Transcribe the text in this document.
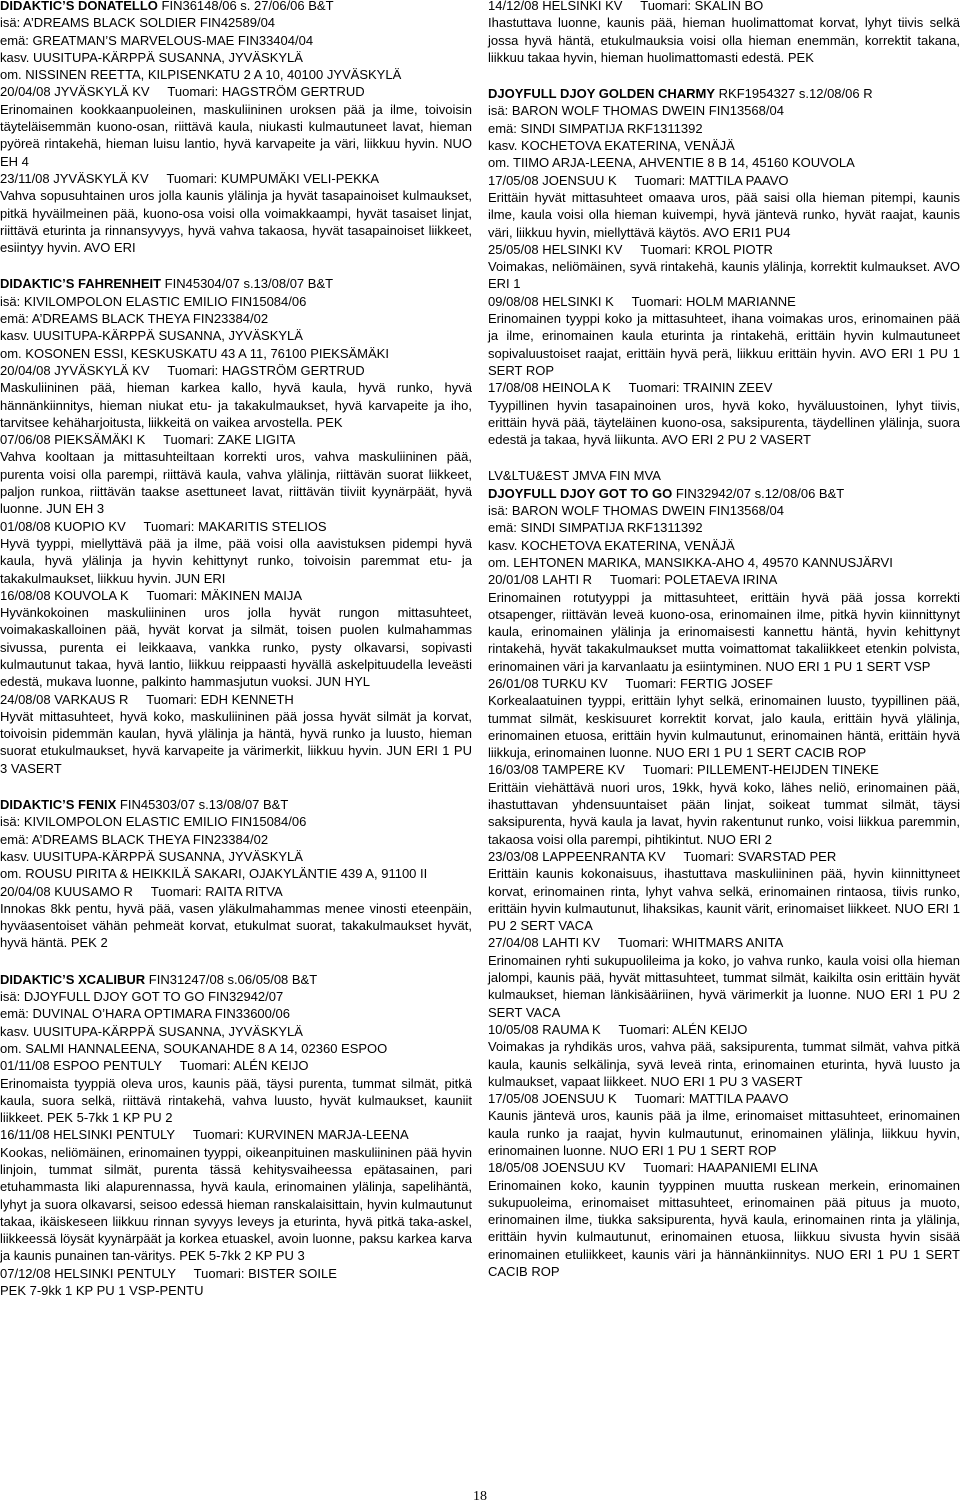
DIDAKTIC’S DONATELLO FIN36148/06 s. 27/06/06 B&T

isä: A’DREAMS BLACK SOLDIER FIN42589/04

emä: GREATMAN’S MARVELOUS-MAE FIN33404/04

kasv. UUSITUPA-KÄRPPÄ SUSANNA, JYVÄSKYLÄ

om. NISSINEN REETTA, KILPISENKATU 2 A 10, 40100 JYVÄSKYLÄ

20/04/08 JYVÄSKYLÄ KV     Tuomari: HAGSTRÖM GERTRUD

Erinomainen kookkaanpuoleinen, maskuliininen uroksen pää ja ilme, toivoisin täyteläisemmän kuono-osan, riittävä kaula, niukasti kulmautuneet lavat, hieman pyöreä rintakehä, hieman luisu lantio, hyvä karvapeite ja väri, liikkuu hyvin. NUO EH 4

23/11/08 JYVÄSKYLÄ KV     Tuomari: KUMPUMÄKI VELI-PEKKA

Vahva sopusuhtainen uros jolla kaunis ylälinja ja hyvät tasapainoiset kulmaukset, pitkä hyväilmeinen pää, kuono-osa voisi olla voimakkaampi, hyvät tasaiset linjat, riittävä eturinta ja rinnansyvyys, hyvä vahva takaosa, hyvät tasapainoiset liikkeet, esiintyy hyvin. AVO ERI

DIDAKTIC’S FAHRENHEIT FIN45304/07 s.13/08/07 B&T

isä: KIVILOMPOLON ELASTIC EMILIO FIN15084/06

emä: A’DREAMS BLACK THEYA FIN23384/02

kasv. UUSITUPA-KÄRPPÄ SUSANNA, JYVÄSKYLÄ

om. KOSONEN ESSI, KESKUSKATU 43 A 11, 76100 PIEKSÄMÄKI

20/04/08 JYVÄSKYLÄ KV     Tuomari: HAGSTRÖM GERTRUD

Maskuliininen pää, hieman karkea kallo, hyvä kaula, hyvä runko, hyvä hännänkiinnitys, hieman niukat etu- ja takakulmaukset, hyvä karvapeite ja iho, tarvitsee kehäharjoitusta, liikkeitä on vaikea arvostella. PEK

07/06/08 PIEKSÄMÄKI K     Tuomari: ZAKE LIGITA

Vahva kooltaan ja mittasuhteiltaan korrekti uros, vahva maskuliininen pää, purenta voisi olla parempi, riittävä kaula, vahva ylälinja, riittävän suorat liikkeet, paljon runkoa, riittävän taakse asettuneet lavat, riittävän tiiviit kyynärpäät, hyvä luonne. JUN EH 3

01/08/08 KUOPIO KV     Tuomari: MAKARITIS STELIOS

Hyvä tyyppi, miellyttävä pää ja ilme, pää voisi olla aavistuksen pidempi hyvä kaula, hyvä ylälinja ja hyvin kehittynyt runko, toivoisin paremmat etu- ja takakulmaukset, liikkuu hyvin. JUN ERI

16/08/08 KOUVOLA K     Tuomari: MÄKINEN MAIJA

Hyvänkokoinen maskuliininen uros jolla hyvät rungon mittasuhteet, voimakaskalloinen pää, hyvät korvat ja silmät, toisen puolen kulmahammas sivussa, purenta ei leikkaava, vankka runko, pysty olkavarsi, sopivasti kulmautunut takaa, hyvä lantio, liikkuu reippaasti hyvällä askelpituudella leveästi edestä, mukava luonne, palkinto hammasjutun vuoksi. JUN HYL

24/08/08 VARKAUS R     Tuomari: EDH KENNETH

Hyvät mittasuhteet, hyvä koko, maskuliininen pää jossa hyvät silmät ja korvat, toivoisin pidemmän kaulan, hyvä ylälinja ja häntä, hyvä runko ja luusto, hieman suorat etukulmaukset, hyvä karvapeite ja värimerkit, liikkuu hyvin. JUN ERI 1 PU 3 VASERT

DIDAKTIC’S FENIX FIN45303/07 s.13/08/07 B&T

isä: KIVILOMPOLON ELASTIC EMILIO FIN15084/06

emä: A’DREAMS BLACK THEYA FIN23384/02

kasv. UUSITUPA-KÄRPPÄ SUSANNA, JYVÄSKYLÄ

om. ROUSU PIRITA & HEIKKILÄ SAKARI, OJAKYLÄNTIE 439 A, 91100 II

20/04/08 KUUSAMO R     Tuomari: RAITA RITVA

Innokas 8kk pentu, hyvä pää, vasen yläkulmahammas menee vinosti eteenpäin, hyväasentoiset vähän pehmeät korvat, etukulmat suorat, takakulmaukset hyvät, hyvä häntä. PEK 2

DIDAKTIC’S XCALIBUR FIN31247/08 s.06/05/08 B&T

isä: DJOYFULL DJOY GOT TO GO FIN32942/07

emä: DUVINAL O’HARA OPTIMARA FIN33600/06

kasv. UUSITUPA-KÄRPPÄ SUSANNA, JYVÄSKYLÄ

om. SALMI HANNALEENA, SOUKANAHDE 8 A 14, 02360 ESPOO

01/11/08 ESPOO PENTULY     Tuomari: ALÉN KEIJO

Erinomaista tyyppiä oleva uros, kaunis pää, täysi purenta, tummat silmät, pitkä kaula, suora selkä, riittävä rintakehä, vahva luusto, hyvät kulmaukset, kauniit liikkeet. PEK 5-7kk 1 KP PU 2

16/11/08 HELSINKI PENTULY     Tuomari: KURVINEN MARJA-LEENA

Kookas, neliömäinen, erinomainen tyyppi, oikeanpituinen maskuliininen pää hyvin linjoin, tummat silmät, purenta tässä kehitysvaiheessa epätasainen, pari etuhammasta liki alapurennassa, hyvä kaula, erinomainen ylälinja, sapelihäntä, lyhyt ja suora olkavarsi, seisoo edessä hieman ranskalaisittain, hyvin kulmautunut takaa, ikäiskeseen liikkuu rinnan syvyys leveys ja eturinta, hyvä pitkä taka-askel, liikkeessä löysät kyynärpäät ja korkea etuaskel, avoin luonne, paksu karkea karva ja kaunis punainen tan-väritys. PEK 5-7kk 2 KP PU 3

07/12/08 HELSINKI PENTULY     Tuomari: BISTER SOILE

PEK 7-9kk 1 KP PU 1 VSP-PENTU

14/12/08 HELSINKI KV     Tuomari: SKALIN BO

Ihastuttava luonne, kaunis pää, hieman huolimattomat korvat, lyhyt tiivis selkä jossa hyvä häntä, etukulmauksia voisi olla hieman enemmän, korrektit takana, liikkuu takaa hyvin, hieman huolimattomasti edestä. PEK

DJOYFULL DJOY GOLDEN CHARMY RKF1954327 s.12/08/06 R

isä: BARON WOLF THOMAS DWEIN FIN13568/04

emä: SINDI SIMPATIJA RKF1311392

kasv. KOCHETOVA EKATERINA, VENÄJÄ

om. TIIMO ARJA-LEENA, AHVENTIE 8 B 14, 45160 KOUVOLA

17/05/08 JOENSUU K     Tuomari: MATTILA PAAVO

Erittäin hyvät mittasuhteet omaava uros, pää saisi olla hieman pitempi, kaunis ilme, kaula voisi olla hieman kuivempi, hyvä jäntevä runko, hyvät raajat, kaunis väri, liikkuu hyvin, miellyttävä käytös. AVO ERI1 PU4

25/05/08 HELSINKI KV     Tuomari: KROL PIOTR

Voimakas, neliömäinen, syvä rintakehä, kaunis ylälinja, korrektit kulmaukset. AVO ERI 1

09/08/08 HELSINKI K     Tuomari: HOLM MARIANNE

Erinomainen tyyppi koko ja mittasuhteet, ihana voimakas uros, erinomainen pää ja ilme, erinomainen kaula eturinta ja rintakehä, erittäin hyvin kulmautuneet sopivaluustoiset raajat, erittäin hyvä perä, liikkuu erittäin hyvin. AVO ERI 1 PU 1 SERT ROP

17/08/08 HEINOLA K     Tuomari: TRAININ ZEEV

Tyypillinen hyvin tasapainoinen uros, hyvä koko, hyväluustoinen, lyhyt tiivis, erittäin hyvä pää, täyteläinen kuono-osa, saksipurenta, täydellinen ylälinja, suora edestä ja takaa, hyvä liikunta. AVO ERI 2 PU 2 VASERT

LV&LTU&EST JMVA FIN MVA

DJOYFULL DJOY GOT TO GO FIN32942/07 s.12/08/06 B&T

isä: BARON WOLF THOMAS DWEIN FIN13568/04

emä: SINDI SIMPATIJA RKF1311392

kasv. KOCHETOVA EKATERINA, VENÄJÄ

om. LEHTONEN MARIKA, MANSIKKA-AHO 4, 49570 KANNUSJÄRVI

20/01/08 LAHTI R     Tuomari: POLETAEVA IRINA

Erinomainen rotutyyppi ja mittasuhteet, erittäin hyvä pää jossa korrekti otsapenger, riittävän leveä kuono-osa, erinomainen ilme, pitkä hyvin kiinnittynyt kaula, erinomainen ylälinja ja erinomaisesti kannettu häntä, hyvin kehittynyt rintakehä, hyvät takakulmaukset mutta voimattomat takaliikkeet etenkin polvista, erinomainen väri ja karvanlaatu ja esiintyminen. NUO ERI 1 PU 1 SERT VSP

26/01/08 TURKU KV     Tuomari: FERTIG JOSEF

Korkealaatuinen tyyppi, erittäin lyhyt selkä, erinomainen luusto, tyypillinen pää, tummat silmät, keskisuuret korrektit korvat, jalo kaula, erittäin hyvä ylälinja, erinomainen etuosa, erittäin hyvin kulmautunut, erinomainen häntä, erittäin hyvä liikkuja, erinomainen luonne. NUO ERI 1 PU 1 SERT CACIB ROP

16/03/08 TAMPERE KV     Tuomari: PILLEMENT-HEIJDEN TINEKE

Erittäin viehättävä nuori uros, 19kk, hyvä koko, lähes neliö, erinomainen pää, ihastuttavan yhdensuuntaiset pään linjat, soikeat tummat silmät, täysi saksipurenta, hyvä kaula ja lavat, hyvin rakentunut runko, voisi liikkua paremmin, takaosa voisi olla parempi, pihtikintut. NUO ERI 2

23/03/08 LAPPEENRANTA KV     Tuomari: SVARSTAD PER

Erittäin kaunis kokonaisuus, ihastuttava maskuliininen pää, hyvin kiinnittyneet korvat, erinomainen rinta, lyhyt vahva selkä, erinomainen rintaosa, tiivis runko, erittäin hyvin kulmautunut, lihaksikas, kaunit värit, erinomaiset liikkeet. NUO ERI 1 PU 2 SERT VACA

27/04/08 LAHTI KV     Tuomari: WHITMARS ANITA

Erinomainen ryhti sukupuolileima ja koko, jo vahva runko, kaula voisi olla hieman jalompi, kaunis pää, hyvät mittasuhteet, tummat silmät, kaikilta osin erittäin hyvät kulmaukset, hieman länkisääriinen, hyvä värimerkit ja luonne. NUO ERI 1 PU 2 SERT VACA

10/05/08 RAUMA K     Tuomari: ALÉN KEIJO

Voimakas ja ryhdikäs uros, vahva pää, saksipurenta, tummat silmät, vahva pitkä kaula, kaunis selkälinja, syvä leveä rinta, erinomainen eturinta, hyvä luusto ja kulmaukset, vapaat liikkeet. NUO ERI 1 PU 3 VASERT

17/05/08 JOENSUU K     Tuomari: MATTILA PAAVO

Kaunis jäntevä uros, kaunis pää ja ilme, erinomaiset mittasuhteet, erinomainen kaula runko ja raajat, hyvin kulmautunut, erinomainen ylälinja, liikkuu hyvin, erinomainen luonne. NUO ERI 1 PU 1 SERT ROP

18/05/08 JOENSUU KV     Tuomari: HAAPANIEMI ELINA

Erinomainen koko, kaunin tyyppinen muutta ruskean merkein, erinomainen sukupuoleima, erinomaiset mittasuhteet, erinomainen pää pituus ja muoto, erinomainen ilme, tiukka saksipurenta, hyvä kaula, erinomainen rinta ja ylälinja, erittäin hyvin kulmautunut, erinomainen etuosa, liikkuu sivusta hyvin sisää erinomainen etuliikkeet, kaunis väri ja hännänkiinnitys. NUO ERI 1 PU 1 SERT CACIB ROP

18
